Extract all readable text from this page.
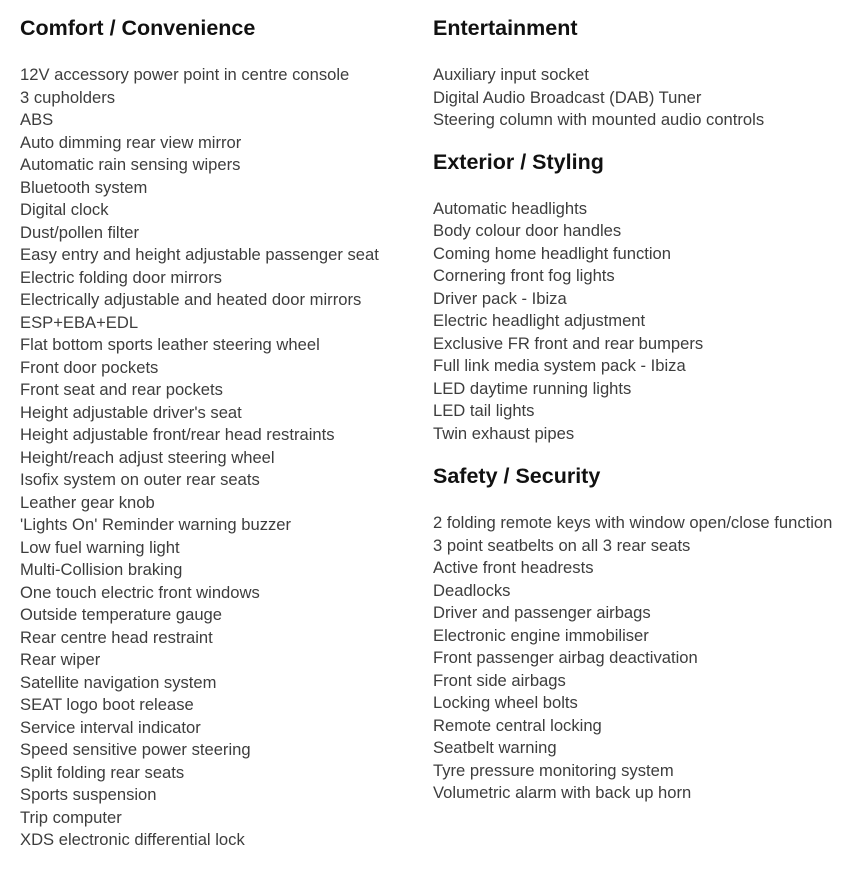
Comfort / Convenience
12V accessory power point in centre console
3 cupholders
ABS
Auto dimming rear view mirror
Automatic rain sensing wipers
Bluetooth system
Digital clock
Dust/pollen filter
Easy entry and height adjustable passenger seat
Electric folding door mirrors
Electrically adjustable and heated door mirrors
ESP+EBA+EDL
Flat bottom sports leather steering wheel
Front door pockets
Front seat and rear pockets
Height adjustable driver's seat
Height adjustable front/rear head restraints
Height/reach adjust steering wheel
Isofix system on outer rear seats
Leather gear knob
'Lights On' Reminder warning buzzer
Low fuel warning light
Multi-Collision braking
One touch electric front windows
Outside temperature gauge
Rear centre head restraint
Rear wiper
Satellite navigation system
SEAT logo boot release
Service interval indicator
Speed sensitive power steering
Split folding rear seats
Sports suspension
Trip computer
XDS electronic differential lock
Entertainment
Auxiliary input socket
Digital Audio Broadcast (DAB) Tuner
Steering column with mounted audio controls
Exterior / Styling
Automatic headlights
Body colour door handles
Coming home headlight function
Cornering front fog lights
Driver pack - Ibiza
Electric headlight adjustment
Exclusive FR front and rear bumpers
Full link media system pack - Ibiza
LED daytime running lights
LED tail lights
Twin exhaust pipes
Safety / Security
2 folding remote keys with window open/close function
3 point seatbelts on all 3 rear seats
Active front headrests
Deadlocks
Driver and passenger airbags
Electronic engine immobiliser
Front passenger airbag deactivation
Front side airbags
Locking wheel bolts
Remote central locking
Seatbelt warning
Tyre pressure monitoring system
Volumetric alarm with back up horn
